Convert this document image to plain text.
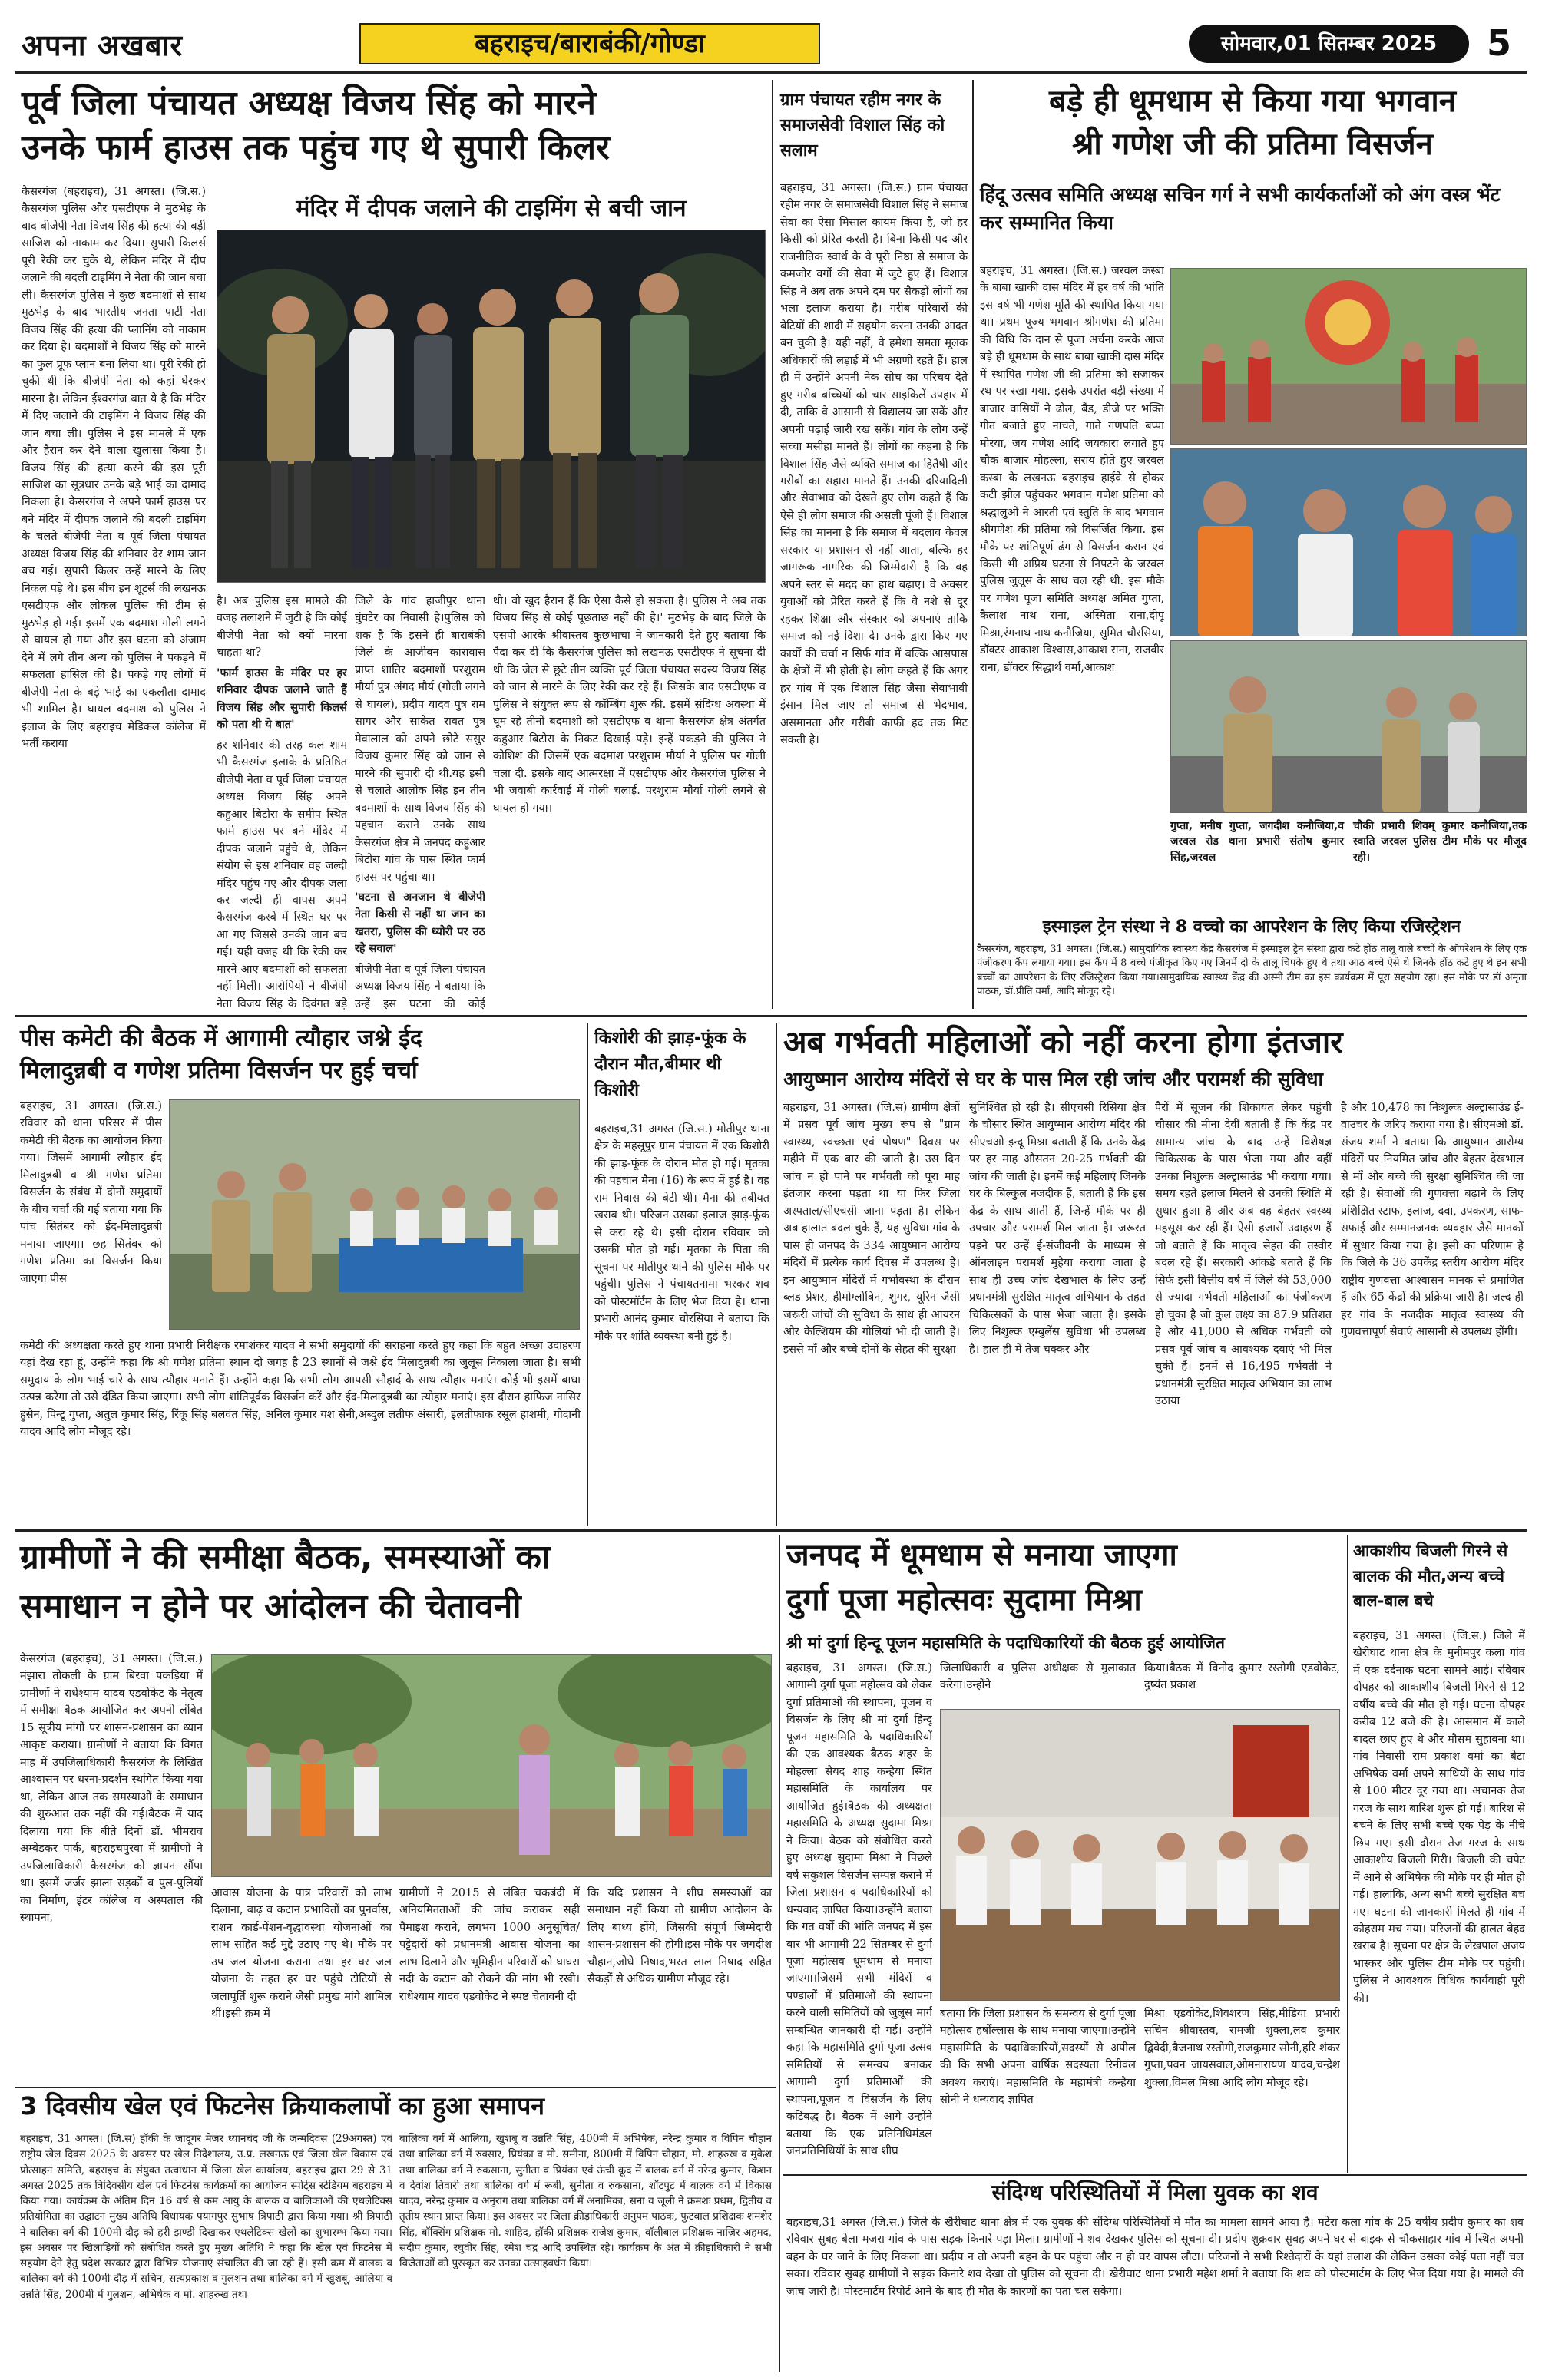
अपना अखबार	बहराइच/बाराबंकी/गोण्डा	सोमवार,01 सितम्बर 2025	5
पूर्व जिला पंचायत अध्यक्ष विजय सिंह को मारने
उनके फार्म हाउस तक पहुंच गए थे सुपारी किलर
कैसरगंज (बहराइच), 31 अगस्त। (जि.स.) कैसरगंज पुलिस और एसटीएफ ने मुठभेड़ के बाद बीजेपी नेता विजय सिंह की हत्या की बड़ी साजिश को नाकाम कर दिया। सुपारी किलर्स पूरी रेकी कर चुके थे, लेकिन मंदिर में दीप जलाने की बदली टाइमिंग ने नेता की जान बचा ली। कैसरगंज पुलिस ने कुछ बदमाशों से साथ मुठभेड़ के बाद भारतीय जनता पार्टी नेता विजय सिंह की हत्या की प्लानिंग को नाकाम कर दिया है। बदमाशों ने विजय सिंह को मारने का फुल प्रूफ प्लान बना लिया था। पूरी रेकी हो चुकी थी कि बीजेपी नेता को कहां घेरकर मारना है। लेकिन ईश्वरगंज बात ये है कि मंदिर में दिए जलाने की टाइमिंग ने विजय सिंह की जान बचा ली। पुलिस ने इस मामले में एक और हैरान कर देने वाला खुलासा किया है। विजय सिंह की हत्या करने की इस पूरी साजिश का सूत्रधार उनके बड़े भाई का दामाद निकला है। कैसरगंज ने अपने फार्म हाउस पर बने मंदिर में दीपक जलाने की बदली टाइमिंग के चलते बीजेपी नेता व पूर्व जिला पंचायत अध्यक्ष विजय सिंह की शनिवार देर शाम जान बच गई। सुपारी किलर उन्हें मारने के लिए निकल पड़े थे। इस बीच इन शूटर्स की लखनऊ एसटीएफ और लोकल पुलिस की टीम से मुठभेड़ हो गई। इसमें एक बदमाश गोली लगने से घायल हो गया और इस घटना को अंजाम देने में लगे तीन अन्य को पुलिस ने पकड़ने में सफलता हासिल की है। पकड़े गए लोगों में बीजेपी नेता के बड़े भाई का एकलौता दामाद भी शामिल है। घायल बदमाश को पुलिस ने इलाज के लिए बहराइच मेडिकल कॉलेज में भर्ती कराया
मंदिर में दीपक जलाने की टाइमिंग से बची जान
है। अब पुलिस इस मामले की वजह तलाशने में जुटी है कि कोई बीजेपी नेता को क्यों मारना चाहता था?
'फार्म हाउस के मंदिर पर हर शनिवार दीपक जलाने जाते हैं विजय सिंह और सुपारी किलर्स को पता थी ये बात'
हर शनिवार की तरह कल शाम भी कैसरगंज इलाके के प्रतिष्ठित बीजेपी नेता व पूर्व जिला पंचायत अध्यक्ष विजय सिंह अपने कहुआर बिटोरा के समीप स्थित फार्म हाउस पर बने मंदिर में दीपक जलाने पहुंचे थे, लेकिन संयोग से इस शनिवार वह जल्दी मंदिर पहुंच गए और दीपक जला कर जल्दी ही वापस अपने कैसरगंज कस्बे में स्थित घर पर आ गए जिससे उनकी जान बच गई। यही वजह थी कि रेकी कर मारने आए बदमाशों को सफलता नहीं मिली। आरोपियों ने बीजेपी नेता विजय सिंह के दिवंगत बड़े
जिले के गांव हाजीपुर थाना घुंघटेर का निवासी है।पुलिस को शक है कि इसने ही बाराबंकी जिले के आजीवन कारावास प्राप्त शातिर बदमाशों परशुराम मौर्या पुत्र अंगद मौर्य (गोली लगने से घायल), प्रदीप यादव पुत्र राम सागर और साकेत रावत पुत्र मेवालाल को अपने छोटे ससुर विजय कुमार सिंह को जान से मारने की सुपारी दी थी.यह इसी से चलाते आलोक सिंह इन तीन बदमाशों के साथ विजय सिंह की पहचान कराने उनके साथ कैसरगंज क्षेत्र में जनपद कहुआर बिटोरा गांव के पास स्थित फार्म हाउस पर पहुंचा था।
'घटना से अनजान थे बीजेपी नेता किसी से नहीं था जान का खतरा, पुलिस की थ्योरी पर उठ रहे सवाल'
बीजेपी नेता व पूर्व जिला पंचायत अध्यक्ष विजय सिंह ने बताया कि उन्हें इस घटना की कोई
थी। वो खुद हैरान हैं कि ऐसा कैसे हो सकता है। पुलिस ने अब तक विजय सिंह से कोई पूछताछ नहीं की है।' मुठभेड़ के बाद जिले के एसपी आरके श्रीवास्तव कुछभाचा ने जानकारी देते हुए बताया कि पैदा कर दी कि कैसरगंज पुलिस को लखनऊ एसटीएफ ने सूचना दी थी कि जेल से छूटे तीन व्यक्ति पूर्व जिला पंचायत सदस्य विजय सिंह को जान से मारने के लिए रेकी कर रहे हैं। जिसके बाद एसटीएफ व पुलिस ने संयुक्त रूप से कॉम्बिंग शुरू की. इसमें संदिग्ध अवस्था में घूम रहे तीनों बदमाशों को एसटीएफ व थाना कैसरगंज क्षेत्र अंतर्गत कहुआर बिटोरा के निकट दिखाई पड़े। इन्हें पकड़ने की पुलिस ने कोशिश की जिसमें एक बदमाश परशुराम मौर्या ने पुलिस पर गोली चला दी. इसके बाद आत्मरक्षा में एसटीएफ और कैसरगंज पुलिस ने भी जवाबी कार्रवाई में गोली चलाई. परशुराम मौर्या गोली लगने से घायल हो गया।
ग्राम पंचायत रहीम नगर के समाजसेवी विशाल सिंह को सलाम
बहराइच, 31 अगस्त। (जि.स.) ग्राम पंचायत रहीम नगर के समाजसेवी विशाल सिंह ने समाज सेवा का ऐसा मिसाल कायम किया है, जो हर किसी को प्रेरित करती है। बिना किसी पद और राजनीतिक स्वार्थ के वे पूरी निष्ठा से समाज के कमजोर वर्गों की सेवा में जुटे हुए हैं। विशाल सिंह ने अब तक अपने दम पर सैकड़ों लोगों का भला इलाज कराया है। गरीब परिवारों की बेटियों की शादी में सहयोग करना उनकी आदत बन चुकी है। यही नहीं, वे हमेशा समता मूलक अधिकारों की लड़ाई में भी अग्रणी रहते हैं। हाल ही में उन्होंने अपनी नेक सोच का परिचय देते हुए गरीब बच्चियों को चार साइकिलें उपहार में दी, ताकि वे आसानी से विद्यालय जा सकें और अपनी पढ़ाई जारी रख सकें। गांव के लोग उन्हें सच्चा मसीहा मानते हैं। लोगों का कहना है कि विशाल सिंह जैसे व्यक्ति समाज का हितैषी और गरीबों का सहारा मानते हैं। उनकी दरियादिली और सेवाभाव को देखते हुए लोग कहते हैं कि ऐसे ही लोग समाज की असली पूंजी हैं। विशाल सिंह का मानना है कि समाज में बदलाव केवल सरकार या प्रशासन से नहीं आता, बल्कि हर जागरूक नागरिक की जिम्मेदारी है कि वह अपने स्तर से मदद का हाथ बढ़ाए। वे अक्सर युवाओं को प्रेरित करते हैं कि वे नशे से दूर रहकर शिक्षा और संस्कार को अपनाएं ताकि समाज को नई दिशा दे। उनके द्वारा किए गए कार्यों की चर्चा न सिर्फ गांव में बल्कि आसपास के क्षेत्रों में भी होती है। लोग कहते हैं कि अगर हर गांव में एक विशाल सिंह जैसा सेवाभावी इंसान मिल जाए तो समाज से भेदभाव, असमानता और गरीबी काफी हद तक मिट सकती है।
बड़े ही धूमधाम से किया गया भगवान
श्री गणेश जी की प्रतिमा विसर्जन
हिंदू उत्सव समिति अध्यक्ष सचिन गर्ग ने सभी कार्यकर्ताओं को अंग वस्त्र भेंट कर सम्मानित किया
बहराइच, 31 अगस्त। (जि.स.) जरवल कस्बा के बाबा खाकी दास मंदिर में हर वर्ष की भांति इस वर्ष भी गणेश मूर्ति की स्थापित किया गया था। प्रथम पूज्य भगवान श्रीगणेश की प्रतिमा की विधि कि दान से पूजा अर्चना करके आज बड़े ही धूमधाम के साथ बाबा खाकी दास मंदिर में स्थापित गणेश जी की प्रतिमा को सजाकर रथ पर रखा गया. इसके उपरांत बड़ी संख्या में बाजार वासियों ने ढोल, बैंड, डीजे पर भक्ति गीत बजाते हुए नाचते, गाते गणपति बप्पा मोरया, जय गणेश आदि जयकारा लगाते हुए चौक बाजार मोहल्ला, सराय होते हुए जरवल कस्बा के लखनऊ बहराइच हाईवे से होकर कटी झील पहुंचकर भगवान गणेश प्रतिमा को श्रद्धालुओं ने आरती एवं स्तुति के बाद भगवान श्रीगणेश की प्रतिमा को विसर्जित किया. इस मौके पर शांतिपूर्ण ढंग से विसर्जन करान एवं किसी भी अप्रिय घटना से निपटने के जरवल पुलिस जुलूस के साथ चल रही थी. इस मौके पर गणेश पूजा समिति अध्यक्ष अमित गुप्ता, कैलाश नाथ राना, अस्मिता राना,दीपू मिश्रा,रंगनाथ नाथ कनौजिया, सुमित चौरसिया, डॉक्टर आकाश विश्वास,आकाश राना, राजवीर राना, डॉक्टर सिद्धार्थ वर्मा,आकाश
गुप्ता, मनीष गुप्ता, जगदीश कनौजिया,व जरवल रोड थाना प्रभारी संतोष कुमार सिंह,जरवल
चौकी प्रभारी शिवम् कुमार कनौजिया,तक स्वाति जरवल पुलिस टीम मौके पर मौजूद रही।
इस्माइल ट्रेन संस्था ने 8 वच्चो का आपरेशन के लिए किया रजिस्ट्रेशन
कैसरगंज, बहराइच, 31 अगस्त। (जि.स.) सामुदायिक स्वास्थ्य केंद्र कैसरगंज में इस्माइल ट्रेन संस्था द्वारा कटे होंठ तालू वाले बच्चों के ऑपरेशन के लिए एक पंजीकरण कैंप लगाया गया। इस कैंप में 8 बच्चे पंजीकृत किए गए जिनमें दो के तालू चिपके हुए थे तथा आठ बच्चे ऐसे थे जिनके होंठ कटे हुए थे इन सभी बच्चों का आपरेशन के लिए रजिस्ट्रेशन किया गया।सामुदायिक स्वास्थ्य केंद्र की अस्मी टीम का इस कार्यक्रम में पूरा सहयोग रहा। इस मौके पर डॉ अमृता पाठक, डॉ.प्रीति वर्मा, आदि मौजूद रहे।
पीस कमेटी की बैठक में आगामी त्यौहार जश्ने ईद
मिलादुन्नबी व गणेश प्रतिमा विसर्जन पर हुई चर्चा
बहराइच, 31 अगस्त। (जि.स.) रविवार को थाना परिसर में पीस कमेटी की बैठक का आयोजन किया गया। जिसमें आगामी त्यौहार ईद मिलादुन्नबी व श्री गणेश प्रतिमा विसर्जन के संबंध में दोनों समुदायों के बीच चर्चा की गई बताया गया कि पांच सितंबर को ईद-मिलादुन्नबी मनाया जाएगा। छह सितंबर को गणेश प्रतिमा का विसर्जन किया जाएगा पीस
कमेटी की अध्यक्षता करते हुए थाना प्रभारी निरीक्षक रमाशंकर यादव ने सभी समुदायों की सराहना करते हुए कहा कि बहुत अच्छा उदाहरण यहां देख रहा हूं, उन्होंने कहा कि श्री गणेश प्रतिमा स्थान दो जगह है 23 स्थानों से जश्ने ईद मिलादुन्नबी का जुलूस निकाला जाता है। सभी समुदाय के लोग भाई चारे के साथ त्यौहार मनाते हैं। उन्होंने कहा कि सभी लोग आपसी सौहार्द के साथ त्यौहार मनाएं। कोई भी इसमें बाधा उत्पन्न करेगा तो उसे दंडित किया जाएगा। सभी लोग शांतिपूर्वक विसर्जन करें और ईद-मिलादुन्नबी का त्योहार मनाएं। इस दौरान हाफिज नासिर हुसैन, पिन्टू गुप्ता, अतुल कुमार सिंह, रिंकू सिंह बलवंत सिंह, अनिल कुमार यश सैनी,अब्दुल लतीफ अंसारी, इलतीफाक रसूल हाशमी, गोदानी यादव आदि लोग मौजूद रहे।
किशोरी की झाड़-फूंक के दौरान मौत,बीमार थी किशोरी
बहराइच,31 अगस्त (जि.स.) मोतीपुर थाना क्षेत्र के महसूपुर ग्राम पंचायत में एक किशोरी की झाड़-फूंक के दौरान मौत हो गई। मृतका की पहचान मैना (16) के रूप में हुई है। वह राम निवास की बेटी थी। मैना की तबीयत खराब थी। परिजन उसका इलाज झाड़-फूंक से करा रहे थे। इसी दौरान रविवार को उसकी मौत हो गई। मृतका के पिता की सूचना पर मोतीपुर थाने की पुलिस मौके पर पहुंची। पुलिस ने पंचायतनामा भरकर शव को पोस्टमॉर्टम के लिए भेज दिया है। थाना प्रभारी आनंद कुमार चौरसिया ने बताया कि मौके पर शांति व्यवस्था बनी हुई है।
अब गर्भवती महिलाओं को नहीं करना होगा इंतजार
आयुष्मान आरोग्य मंदिरों से घर के पास मिल रही जांच और परामर्श की सुविधा
बहराइच, 31 अगस्त। (जि.स) ग्रामीण क्षेत्रों में प्रसव पूर्व जांच मुख्य रूप से "ग्राम स्वास्थ्य, स्वच्छता एवं पोषण" दिवस पर महीने में एक बार की जाती है। उस दिन जांच न हो पाने पर गर्भवती को पूरा माह इंतजार करना पड़ता था या फिर जिला अस्पताल/सीएचसी जाना पड़ता है। लेकिन अब हालात बदल चुके हैं, यह सुविधा गांव के पास ही जनपद के 334 आयुष्मान आरोग्य मंदिरों में प्रत्येक कार्य दिवस में उपलब्ध है। इन आयुष्मान मंदिरों में गर्भावस्था के दौरान ब्लड प्रेशर, हीमोग्लोबिन, शुगर, यूरिन जैसी जरूरी जांचों की सुविधा के साथ ही आयरन और कैल्शियम की गोलियां भी दी जाती हैं। इससे माँ और बच्चे दोनों के सेहत की सुरक्षा
सुनिश्चित हो रही है। सीएचसी रिसिया क्षेत्र के चौसार स्थित आयुष्मान आरोग्य मंदिर की सीएचओ इन्दू मिश्रा बताती हैं कि उनके केंद्र पर हर माह औसतन 20-25 गर्भवती की जांच की जाती है। इनमें कई महिलाएं जिनके घर के बिल्कुल नजदीक हैं, बताती हैं कि इस केंद्र के साथ आती हैं, जिन्हें मौके पर ही उपचार और परामर्श मिल जाता है। जरूरत पड़ने पर उन्हें ई-संजीवनी के माध्यम से ऑनलाइन परामर्श मुहैया कराया जाता है साथ ही उच्च जांच देखभाल के लिए उन्हें प्रधानमंत्री सुरक्षित मातृत्व अभियान के तहत चिकित्सकों के पास भेजा जाता है। इसके लिए निशुल्क एम्बुलेंस सुविधा भी उपलब्ध है। हाल ही में तेज चक्कर और
पैरों में सूजन की शिकायत लेकर पहुंची चौसार की मीना देवी बताती हैं कि केंद्र पर सामान्य जांच के बाद उन्हें विशेषज्ञ चिकित्सक के पास भेजा गया और वहीं उनका निशुल्क अल्ट्रासाउंड भी कराया गया। समय रहते इलाज मिलने से उनकी स्थिति में सुधार हुआ है और अब वह बेहतर स्वस्थ्य महसूस कर रही हैं। ऐसी हजारों उदाहरण हैं जो बताते हैं कि मातृत्व सेहत की तस्वीर बदल रहे हैं। सरकारी आंकड़े बताते हैं कि सिर्फ इसी वित्तीय वर्ष में जिले की 53,000 से ज्यादा गर्भवती महिलाओं का पंजीकरण हो चुका है जो कुल लक्ष्य का 87.9 प्रतिशत है और 41,000 से अधिक गर्भवती को प्रसव पूर्व जांच व आवश्यक दवाएं भी मिल चुकी हैं। इनमें से 16,495 गर्भवती ने प्रधानमंत्री सुरक्षित मातृत्व अभियान का लाभ उठाया
है और 10,478 का निःशुल्क अल्ट्रासाउंड ई-वाउचर के जरिए कराया गया है। सीएमओ डॉ. संजय शर्मा ने बताया कि आयुष्मान आरोग्य मंदिरों पर नियमित जांच और बेहतर देखभाल से माँ और बच्चे की सुरक्षा सुनिश्चित की जा रही है। सेवाओं की गुणवत्ता बढ़ाने के लिए प्रशिक्षित स्टाफ, इलाज, दवा, उपकरण, साफ-सफाई और सम्मानजनक व्यवहार जैसे मानकों में सुधार किया गया है। इसी का परिणाम है कि जिले के 36 उपकेंद्र स्तरीय आरोग्य मंदिर राष्ट्रीय गुणवत्ता आश्वासन मानक से प्रमाणित हैं और 65 केंद्रों की प्रक्रिया जारी है। जल्द ही हर गांव के नजदीक मातृत्व स्वास्थ्य की गुणवत्तापूर्ण सेवाएं आसानी से उपलब्ध होंगी।
ग्रामीणों ने की समीक्षा बैठक, समस्याओं का
समाधान न होने पर आंदोलन की चेतावनी
कैसरगंज (बहराइच), 31 अगस्त। (जि.स.) मंझारा तौकली के ग्राम बिरवा पकड़िया में ग्रामीणों ने राधेश्याम यादव एडवोकेट के नेतृत्व में समीक्षा बैठक आयोजित कर अपनी लंबित 15 सूत्रीय मांगों पर शासन-प्रशासन का ध्यान आकृष्ट कराया। ग्रामीणों ने बताया कि विगत माह में उपजिलाधिकारी कैसरगंज के लिखित आश्वासन पर धरना-प्रदर्शन स्थगित किया गया था, लेकिन आज तक समस्याओं के समाधान की शुरुआत तक नहीं की गई।बैठक में याद दिलाया गया कि बीते दिनों डॉ. भीमराव अम्बेडकर पार्क, बहराइचपुरवा में ग्रामीणों ने उपजिलाधिकारी कैसरगंज को ज्ञापन सौंपा था। इसमें जर्जर झाला सड़कों व पुल-पुलियों का निर्माण, इंटर कॉलेज व अस्पताल की स्थापना,
आवास योजना के पात्र परिवारों को लाभ दिलाना, बाढ़ व कटान प्रभावितों का पुनर्वास, राशन कार्ड-पेंशन-वृद्धावस्था योजनाओं का लाभ सहित कई मुद्दे उठाए गए थे। मौके पर उप जल योजना कराना तथा हर घर जल योजना के तहत हर घर पहुंचे टोटियों से जलापूर्ति शुरू कराने जैसी प्रमुख मांगे शामिल थीं।इसी क्रम में
ग्रामीणों ने 2015 से लंबित चकबंदी में अनियमितताओं की जांच कराकर सही पैमाइश कराने, लगभग 1000 अनुसूचित/पट्टेदारों को प्रधानमंत्री आवास योजना का लाभ दिलाने और भूमिहीन परिवारों को घाघरा नदी के कटान को रोकने की मांग भी रखी।राधेश्याम यादव एडवोकेट ने स्पष्ट चेतावनी दी
कि यदि प्रशासन ने शीघ्र समस्याओं का समाधान नहीं किया तो ग्रामीण आंदोलन के लिए बाध्य होंगे, जिसकी संपूर्ण जिम्मेदारी शासन-प्रशासन की होगी।इस मौके पर जगदीश चौहान,जोधे निषाद,भरत लाल निषाद सहित सैकड़ों से अधिक ग्रामीण मौजूद रहे।
3 दिवसीय खेल एवं फिटनेस क्रियाकलापों का हुआ समापन
बहराइच, 31 अगस्त। (जि.स) हॉकी के जादूगर मेजर ध्यानचंद जी के जन्मदिवस (29अगस्त) एवं राष्ट्रीय खेल दिवस 2025 के अवसर पर खेल निदेशालय, उ.प्र. लखनऊ एवं जिला खेल विकास एवं प्रोत्साहन समिति, बहराइच के संयुक्त तत्वाधान में जिला खेल कार्यालय, बहराइच द्वारा 29 से 31 अगस्त 2025 तक त्रिदिवसीय खेल एवं फिटनेस कार्यक्रमों का आयोजन स्पोर्ट्स स्टेडियम बहराइच में किया गया। कार्यक्रम के अंतिम दिन 16 वर्ष से कम आयु के बालक व बालिकाओं की एथलेटिक्स प्रतियोगिता का उद्घाटन मुख्य अतिथि विधायक पयागपुर सुभाष त्रिपाठी द्वारा किया गया। श्री त्रिपाठी ने बालिका वर्ग की 100मी दौड़ को हरी झण्डी दिखाकर एथलेटिक्स खेलों का शुभारम्भ किया गया। इस अवसर पर खिलाड़ियों को संबोधित करते हुए मुख्य अतिथि ने कहा कि खेल एवं फिटनेस में सहयोग देने हेतु प्रदेश सरकार द्वारा विभिन्न योजनाएं संचालित की जा रही हैं। इसी क्रम में बालक व बालिका वर्ग की 100मी दौड़ में सचिन, सत्यप्रकाश व गुलशन तथा बालिका वर्ग में खुशबू, आलिया व उन्नति सिंह, 200मी में गुलशन, अभिषेक व मो. शाहरुख तथा
बालिका वर्ग में आलिया, खुशबू व उन्नति सिंह, 400मी में अभिषेक, नरेन्द्र कुमार व विपिन चौहान तथा बालिका वर्ग में रुक्सार, प्रियंका व मो. समीना, 800मी में विपिन चौहान, मो. शाहरुख व मुकेश तथा बालिका वर्ग में रुकसाना, सुनीता व प्रियंका एवं ऊंची कूद में बालक वर्ग में नरेन्द्र कुमार, किशन व देवांश तिवारी तथा बालिका वर्ग में रूबी, सुनीता व रुकसाना, शॉटपुट में बालक वर्ग में विकास यादव, नरेन्द्र कुमार व अनुराग तथा बालिका वर्ग में अनामिका, सना व जूली ने क्रमशः प्रथम, द्वितीय व तृतीय स्थान प्राप्त किया। इस अवसर पर जिला क्रीड़ाधिकारी अनुपम पाठक, फुटबाल प्रशिक्षक शमशेर सिंह, बॉक्सिंग प्रशिक्षक मो. शाहिद, हॉकी प्रशिक्षक राजेश कुमार, वॉलीबाल प्रशिक्षक नाज़िर अहमद, संदीप कुमार, रघुवीर सिंह, रमेश चंद्र आदि उपस्थित रहे। कार्यक्रम के अंत में क्रीड़ाधिकारी ने सभी विजेताओं को पुरस्कृत कर उनका उत्साहवर्धन किया।
जनपद में धूमधाम से मनाया जाएगा
दुर्गा पूजा महोत्सवः सुदामा मिश्रा
श्री मां दुर्गा हिन्दू पूजन महासमिति के पदाधिकारियों की बैठक हुई आयोजित
बहराइच, 31 अगस्त। (जि.स.) आगामी दुर्गा पूजा महोत्सव को लेकर दुर्गा प्रतिमाओं की स्थापना, पूजन व विसर्जन के लिए श्री मां दुर्गा हिन्दू पूजन महासमिति के पदाधिकारियों की एक आवश्यक बैठक शहर के मोहल्ला सैयद शाह कन्हैया स्थित महासमिति के कार्यालय पर आयोजित हुई।बैठक की अध्यक्षता महासमिति के अध्यक्ष सुदामा मिश्रा ने किया। बैठक को संबोधित करते हुए अध्यक्ष सुदामा मिश्रा ने पिछले वर्ष सकुशल विसर्जन सम्पन्न कराने में जिला प्रशासन व पदाधिकारियों को धन्यवाद ज्ञापित किया।उन्होंने बताया कि गत वर्षों की भांति जनपद में इस बार भी आगामी 22 सितम्बर से दुर्गा पूजा महोत्सव धूमधाम से मनाया जाएगा।जिसमें सभी मंदिरों व पण्डालों में प्रतिमाओं की स्थापना करने वाली समितियों को जुलूस मार्ग सम्बन्धित जानकारी दी गई। उन्होंने कहा कि महासमिति दुर्गा पूजा उत्सव समितियों से समन्वय बनाकर आगामी दुर्गा प्रतिमाओं की स्थापना,पूजन व विसर्जन के लिए कटिबद्ध है। बैठक में आगे उन्होंने बताया कि एक प्रतिनिधिमंडल जनप्रतिनिधियों के साथ शीघ्र
जिलाधिकारी व पुलिस अधीक्षक से मुलाकात करेगा।उन्होंने
किया।बैठक में विनोद कुमार रस्तोगी एडवोकेट, दुष्यंत प्रकाश
बताया कि जिला प्रशासन के समन्वय से दुर्गा पूजा महोत्सव हर्षोल्लास के साथ मनाया जाएगा।उन्होंने महासमिति के पदाधिकारियों,सदस्यों से अपील की कि सभी अपना वार्षिक सदस्यता रिनीवल अवश्य कराएं। महासमिति के महामंत्री कन्हैया सोनी ने धन्यवाद ज्ञापित
मिश्रा एडवोकेट,शिवशरण सिंह,मीडिया प्रभारी सचिन श्रीवास्तव, रामजी शुक्ला,लव कुमार द्विवेदी,बैजनाथ रस्तोगी,राजकुमार सोनी,हरि शंकर गुप्ता,पवन जायसवाल,ओमनारायण यादव,चन्द्रेश शुक्ला,विमल मिश्रा आदि लोग मौजूद रहे।
आकाशीय बिजली गिरने से बालक की मौत,अन्य बच्चे बाल-बाल बचे
बहराइच, 31 अगस्त। (जि.स.) जिले में खैरीघाट थाना क्षेत्र के मुनीमपुर कला गांव में एक दर्दनाक घटना सामने आई। रविवार दोपहर को आकाशीय बिजली गिरने से 12 वर्षीय बच्चे की मौत हो गई। घटना दोपहर करीब 12 बजे की है। आसमान में काले बादल छाए हुए थे और मौसम सुहावना था। गांव निवासी राम प्रकाश वर्मा का बेटा अभिषेक वर्मा अपने साथियों के साथ गांव से 100 मीटर दूर गया था। अचानक तेज गरज के साथ बारिश शुरू हो गई। बारिश से बचने के लिए सभी बच्चे एक पेड़ के नीचे छिप गए। इसी दौरान तेज गरज के साथ आकाशीय बिजली गिरी। बिजली की चपेट में आने से अभिषेक की मौके पर ही मौत हो गई। हालांकि, अन्य सभी बच्चे सुरक्षित बच गए। घटना की जानकारी मिलते ही गांव में कोहराम मच गया। परिजनों की हालत बेहद खराब है। सूचना पर क्षेत्र के लेखपाल अजय भास्कर और पुलिस टीम मौके पर पहुंची। पुलिस ने आवश्यक विधिक कार्यवाही पूरी की।
संदिग्ध परिस्थितियों में मिला युवक का शव
बहराइच,31 अगस्त (जि.स.) जिले के खैरीघाट थाना क्षेत्र में एक युवक की संदिग्ध परिस्थितियों में मौत का मामला सामने आया है। मटेरा कला गांव के 25 वर्षीय प्रदीप कुमार का शव रविवार सुबह बेला मजरा गांव के पास सड़क किनारे पड़ा मिला। ग्रामीणों ने शव देखकर पुलिस को सूचना दी। प्रदीप शुक्रवार सुबह अपने घर से बाइक से चौकसाहार गांव में स्थित अपनी बहन के घर जाने के लिए निकला था। प्रदीप न तो अपनी बहन के घर पहुंचा और न ही घर वापस लौटा। परिजनों ने सभी रिश्तेदारों के यहां तलाश की लेकिन उसका कोई पता नहीं चल सका। रविवार सुबह ग्रामीणों ने सड़क किनारे शव देखा तो पुलिस को सूचना दी। खैरीघाट थाना प्रभारी महेश शर्मा ने बताया कि शव को पोस्टमार्टम के लिए भेज दिया गया है। मामले की जांच जारी है। पोस्टमार्टम रिपोर्ट आने के बाद ही मौत के कारणों का पता चल सकेगा।
